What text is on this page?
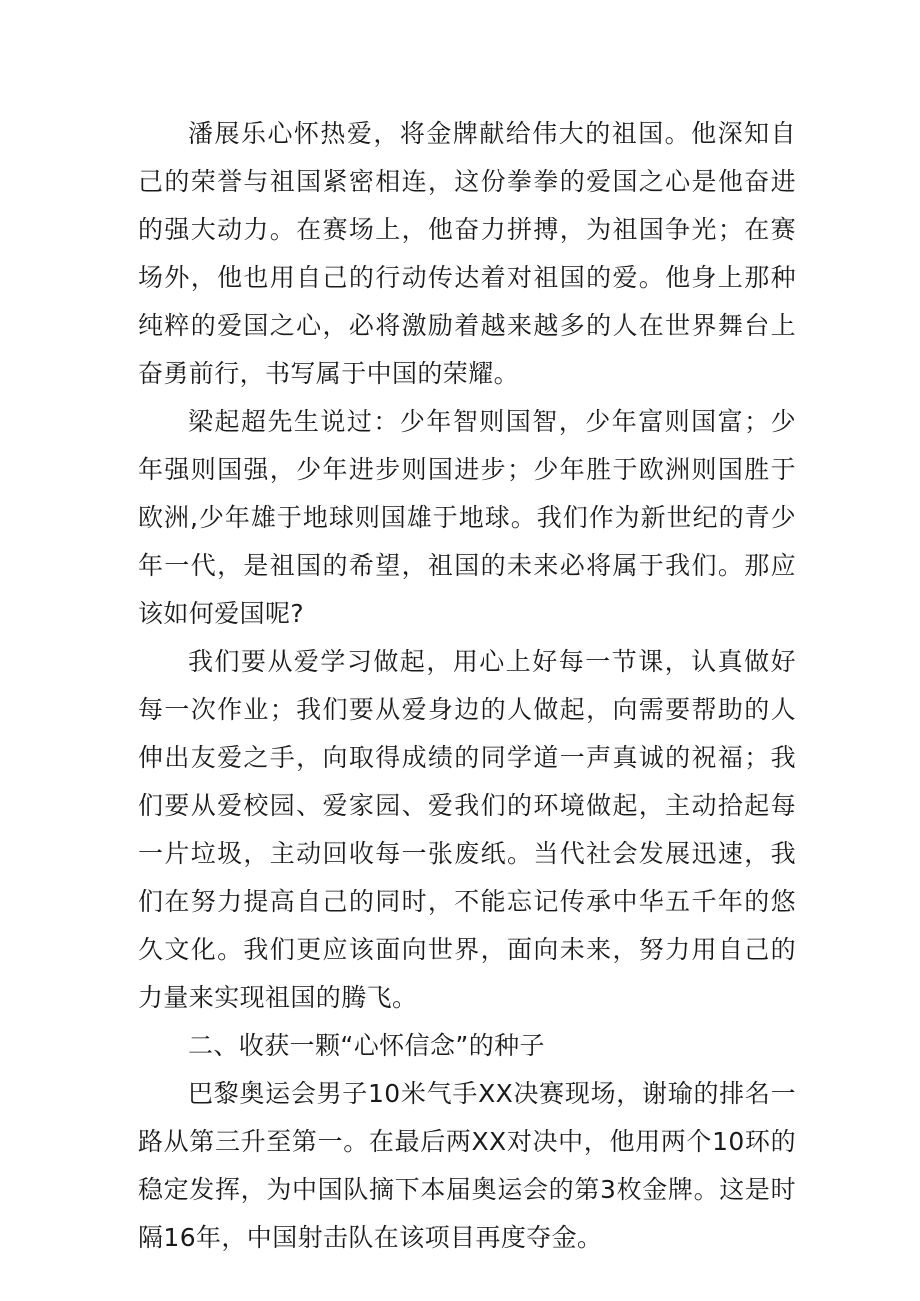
潘展乐心怀热爱，将金牌献给伟大的祖国。他深知自己的荣誉与祖国紧密相连，这份拳拳的爱国之心是他奋进的强大动力。在赛场上，他奋力拼搏，为祖国争光；在赛场外，他也用自己的行动传达着对祖国的爱。他身上那种纯粹的爱国之心，必将激励着越来越多的人在世界舞台上奋勇前行，书写属于中国的荣耀。

梁起超先生说过：少年智则国智，少年富则国富；少年强则国强，少年进步则国进步；少年胜于欧洲则国胜于欧洲,少年雄于地球则国雄于地球。我们作为新世纪的青少年一代，是祖国的希望，祖国的未来必将属于我们。那应该如何爱国呢?

我们要从爱学习做起，用心上好每一节课，认真做好每一次作业；我们要从爱身边的人做起，向需要帮助的人伸出友爱之手，向取得成绩的同学道一声真诚的祝福；我们要从爱校园、爱家园、爱我们的环境做起，主动拾起每一片垃圾，主动回收每一张废纸。当代社会发展迅速，我们在努力提高自己的同时，不能忘记传承中华五千年的悠久文化。我们更应该面向世界，面向未来，努力用自己的力量来实现祖国的腾飞。

二、收获一颗“心怀信念”的种子

巴黎奥运会男子10米气手XX决赛现场，谢瑜的排名一路从第三升至第一。在最后两XX对决中，他用两个10环的稳定发挥，为中国队摘下本届奥运会的第3枚金牌。这是时隔16年，中国射击队在该项目再度夺金。
